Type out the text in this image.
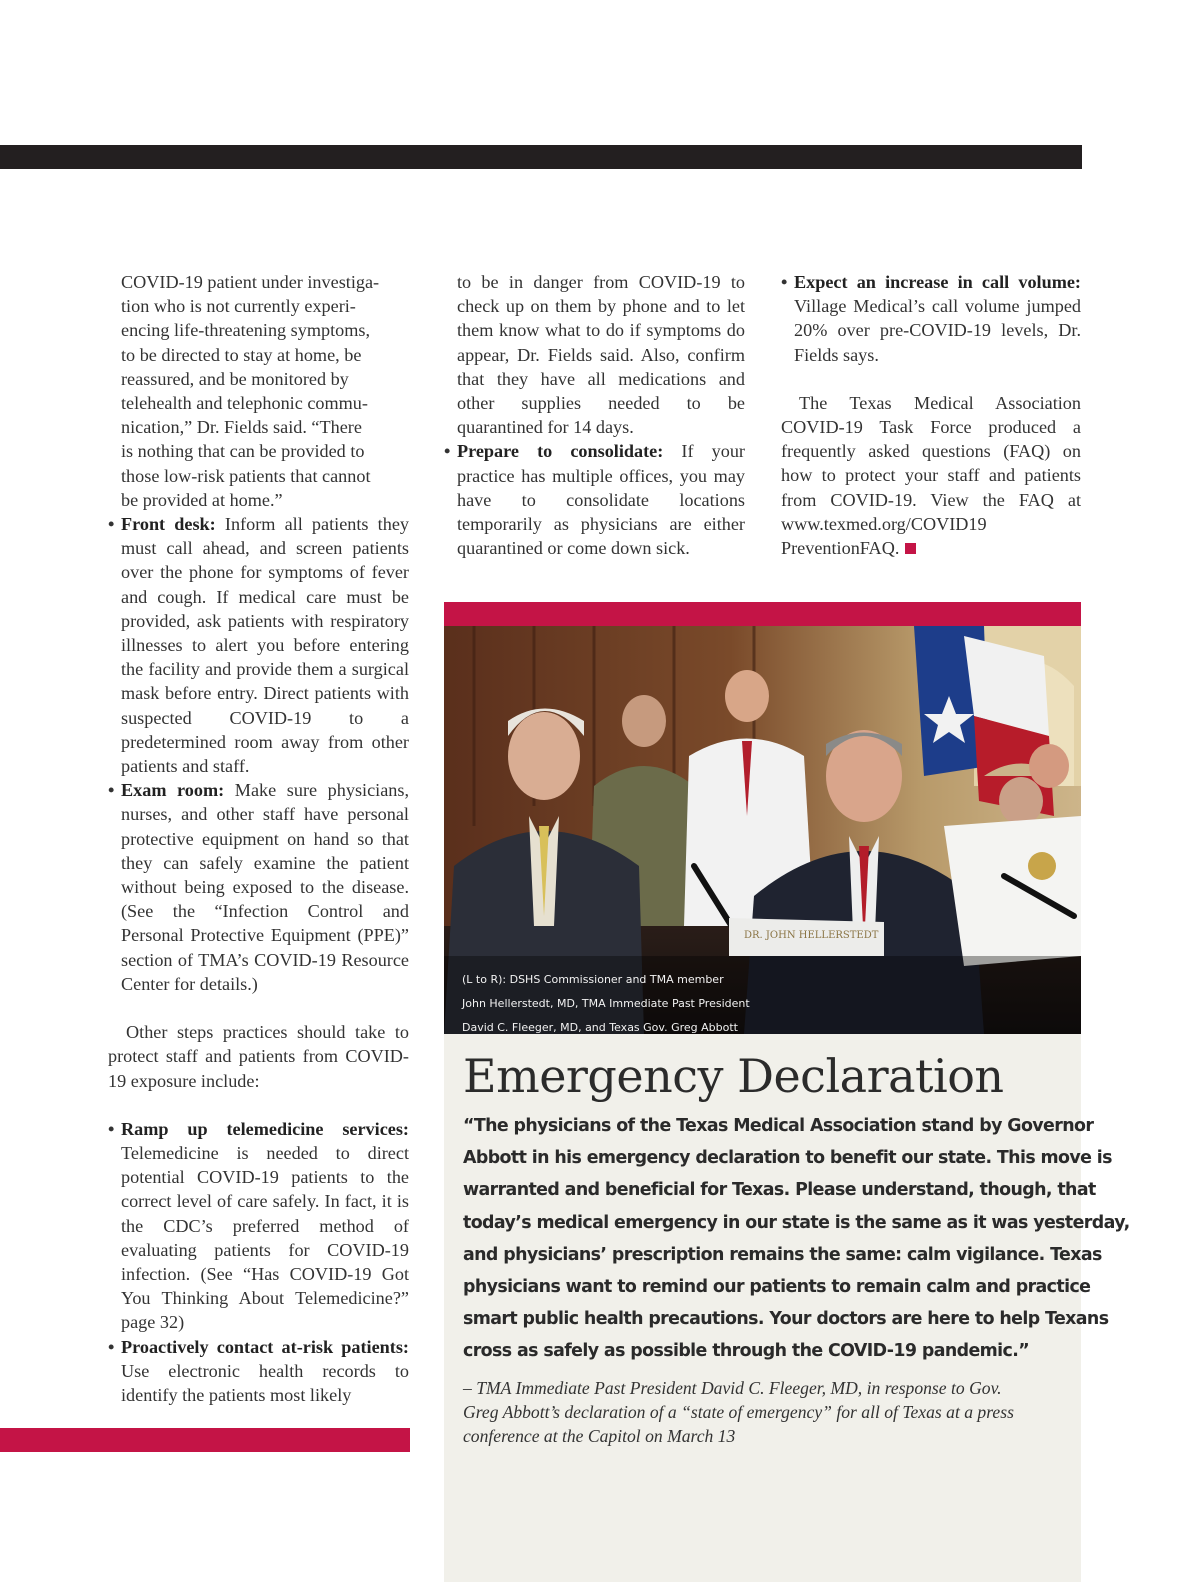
COVID-19 patient under investiga-
tion who is not currently experi-
encing life-threatening symptoms,
to be directed to stay at home, be
reassured, and be monitored by
telehealth and telephonic commu-
nication,” Dr. Fields said. “There
is nothing that can be provided to
those low-risk patients that cannot
be provided at home.”
• Front desk: Inform all patients they must call ahead, and screen patients over the phone for symptoms of fever and cough. If medical care must be provided, ask patients with respiratory illnesses to alert you before entering the facility and provide them a surgical mask before entry. Direct patients with suspected COVID-19 to a predetermined room away from other patients and staff.
• Exam room: Make sure physicians, nurses, and other staff have personal protective equipment on hand so that they can safely examine the patient without being exposed to the disease. (See the “Infection Control and Personal Protective Equipment (PPE)” section of TMA’s COVID-19 Resource Center for details.)
Other steps practices should take to protect staff and patients from COVID-19 exposure include:
• Ramp up telemedicine services: Telemedicine is needed to direct potential COVID-19 patients to the correct level of care safely. In fact, it is the CDC’s preferred method of evaluating patients for COVID-19 infection. (See “Has COVID-19 Got You Thinking About Telemedicine?” page 32)
• Proactively contact at-risk patients: Use electronic health records to identify the patients most likely
to be in danger from COVID-19 to check up on them by phone and to let them know what to do if symptoms do appear, Dr. Fields said. Also, confirm that they have all medications and other supplies needed to be quarantined for 14 days.
• Prepare to consolidate: If your practice has multiple offices, you may have to consolidate locations temporarily as physicians are either quarantined or come down sick.
• Expect an increase in call volume: Village Medical’s call volume jumped 20% over pre-COVID-19 levels, Dr. Fields says.
The Texas Medical Association COVID-19 Task Force produced a frequently asked questions (FAQ) on how to protect your staff and patients from COVID-19. View the FAQ at www.texmed.org/COVID19 PreventionFAQ.
DR. JOHN HELLERSTEDT
(L to R): DSHS Commissioner and TMA member
John Hellerstedt, MD, TMA Immediate Past President
David C. Fleeger, MD, and Texas Gov. Greg Abbott
Emergency Declaration
“The physicians of the Texas Medical Association stand by Governor
Abbott in his emergency declaration to benefit our state. This move is
warranted and beneficial for Texas. Please understand, though, that
today’s medical emergency in our state is the same as it was yesterday,
and physicians’ prescription remains the same: calm vigilance. Texas
physicians want to remind our patients to remain calm and practice
smart public health precautions. Your doctors are here to help Texans
cross as safely as possible through the COVID-19 pandemic.”
– TMA Immediate Past President David C. Fleeger, MD, in response to Gov.
Greg Abbott’s declaration of a “state of emergency” for all of Texas at a press
conference at the Capitol on March 13
